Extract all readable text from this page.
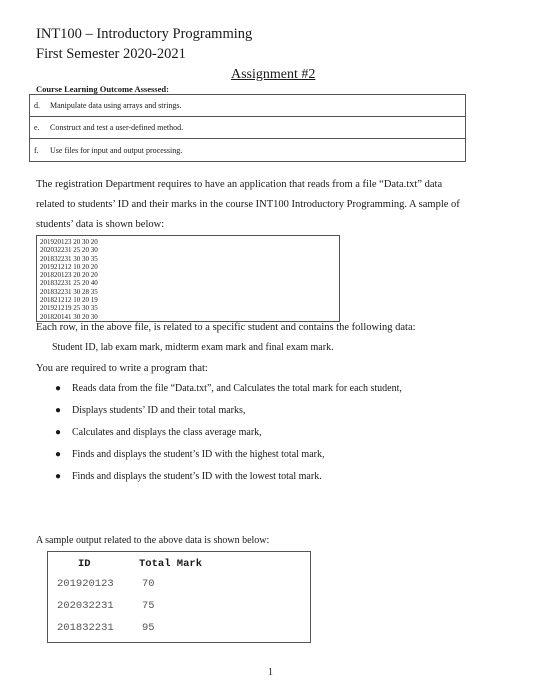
INT100 – Introductory Programming
First Semester 2020-2021
Assignment #2
Course Learning Outcome Assessed:
d.	Manipulate data using arrays and strings.
e.	Construct and test a user-defined method.
f.	Use files for input and output processing.
The registration Department requires to have an application that reads from a file “Data.txt” data
related to students’ ID and their marks in the course INT100 Introductory Programming. A sample of
students’ data is shown below:
201920123 20 30 20
202032231 25 20 30
201832231 30 30 35
201921212 10 20 20
201820123 20 20 20
201832231 25 20 40
201832231 30 28 35
201821212 10 20 19
201921219 25 30 35
201820141 30 20 30
Each row, in the above file, is related to a specific student and contains the following data:
Student ID, lab exam mark, midterm exam mark and final exam mark.
You are required to write a program that:
● Reads data from the file “Data.txt”, and Calculates the total mark for each student,
● Displays students’ ID and their total marks,
● Calculates and displays the class average mark,
● Finds and displays the student’s ID with the highest total mark,
● Finds and displays the student’s ID with the lowest total mark.
A sample output related to the above data is shown below:
ID	Total Mark
201920123	70
202032231	75
201832231	95
1
